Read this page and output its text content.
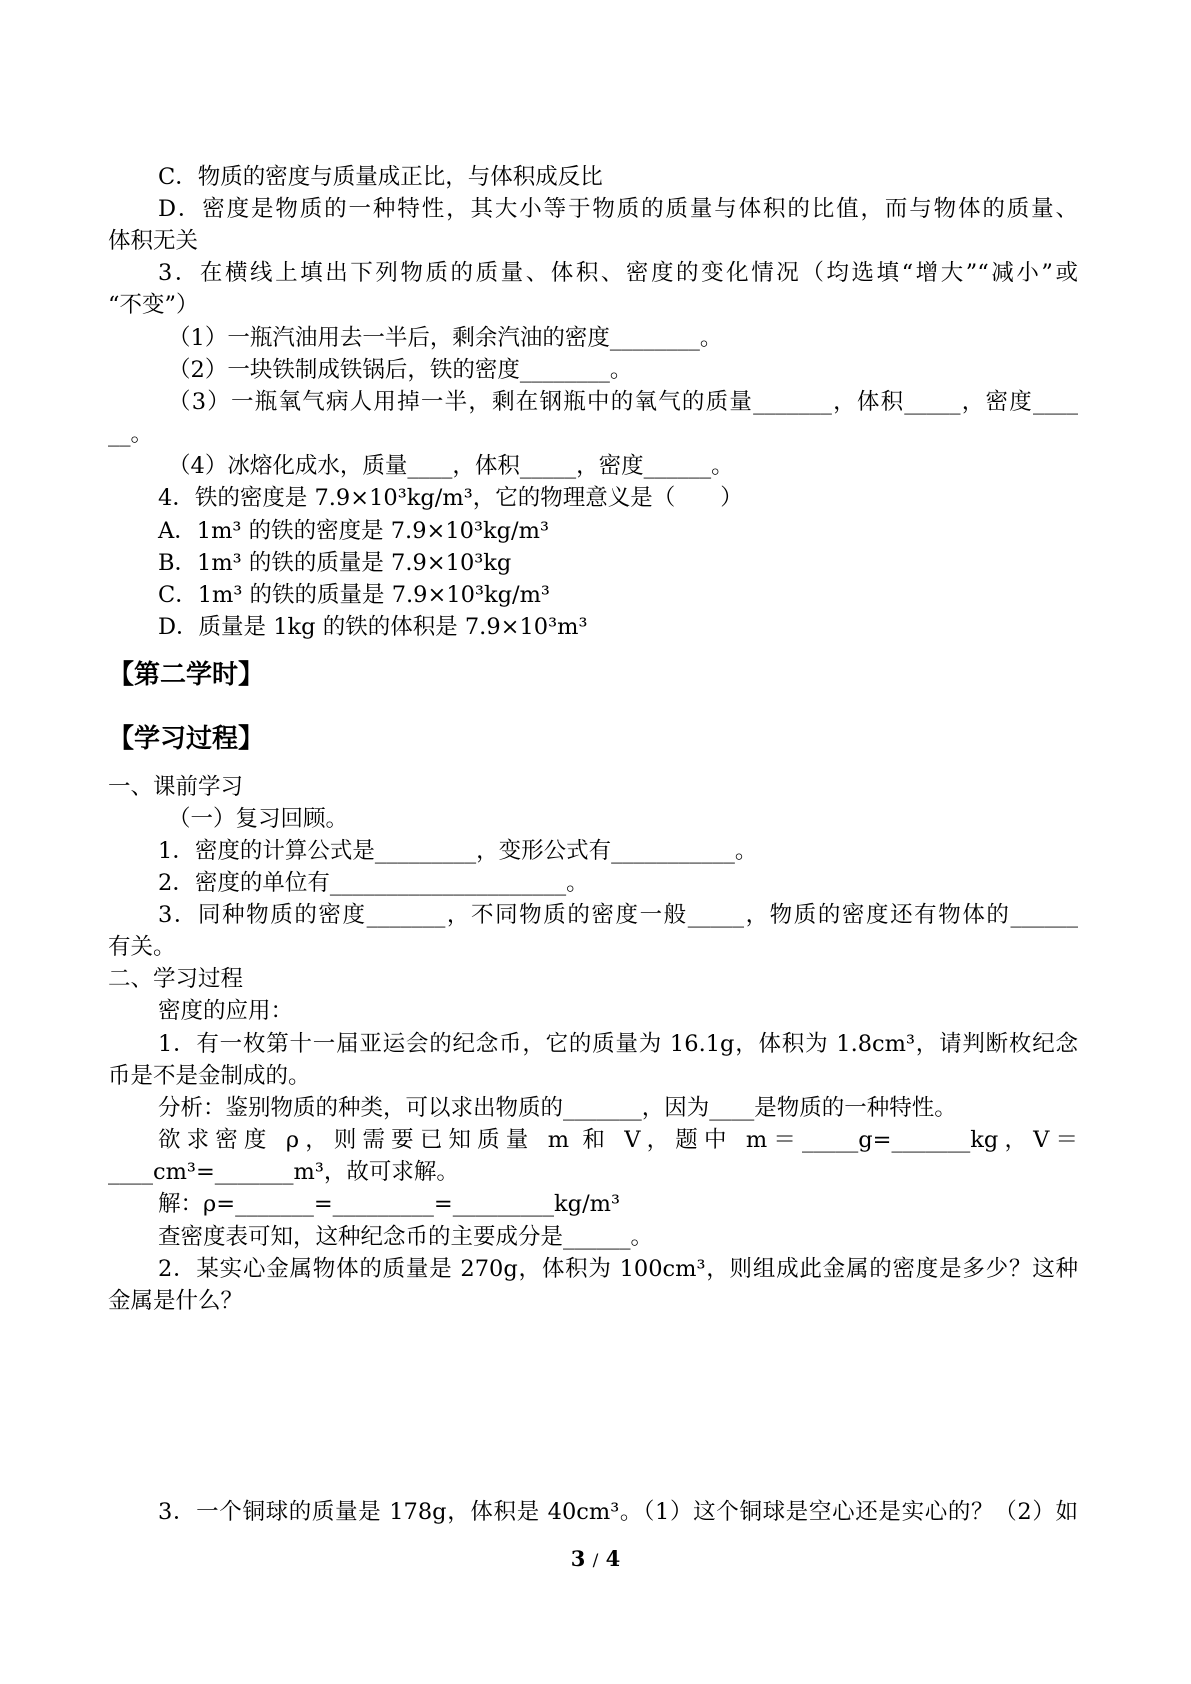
C．物质的密度与质量成正比，与体积成反比
D．密度是物质的一种特性，其大小等于物质的质量与体积的比值，而与物体的质量、
体积无关
3．在横线上填出下列物质的质量、体积、密度的变化情况（均选填“增大”“减小”或
“不变”）
（1）一瓶汽油用去一半后，剩余汽油的密度________。
（2）一块铁制成铁锅后，铁的密度________。
（3）一瓶氧气病人用掉一半，剩在钢瓶中的氧气的质量_______，体积_____，密度____
__。
（4）冰熔化成水，质量____，体积_____，密度______。
4．铁的密度是 7.9×10³kg/m³，它的物理意义是（　　）
A．1m³ 的铁的密度是 7.9×10³kg/m³
B．1m³ 的铁的质量是 7.9×10³kg
C．1m³ 的铁的质量是 7.9×10³kg/m³
D．质量是 1kg 的铁的体积是 7.9×10³m³
【第二学时】
【学习过程】
一、课前学习
（一）复习回顾。
1．密度的计算公式是_________，变形公式有___________。
2．密度的单位有_____________________。
3．同种物质的密度_______，不同物质的密度一般_____，物质的密度还有物体的______
有关。
二、学习过程
密度的应用：
1．有一枚第十一届亚运会的纪念币，它的质量为 16.1g，体积为 1.8cm³，请判断枚纪念
币是不是金制成的。
分析：鉴别物质的种类，可以求出物质的_______，因为____是物质的一种特性。
欲求密度 ρ，则需要已知质量 m 和 V，题中 m＝_____g=_______kg，V＝
____cm³=_______m³，故可求解。
解：ρ=_______=_________=_________kg/m³
查密度表可知，这种纪念币的主要成分是______。
2．某实心金属物体的质量是 270g，体积为 100cm³，则组成此金属的密度是多少？这种
金属是什么？
3．一个铜球的质量是 178g，体积是 40cm³。（1）这个铜球是空心还是实心的？（2）如
3 / 4
